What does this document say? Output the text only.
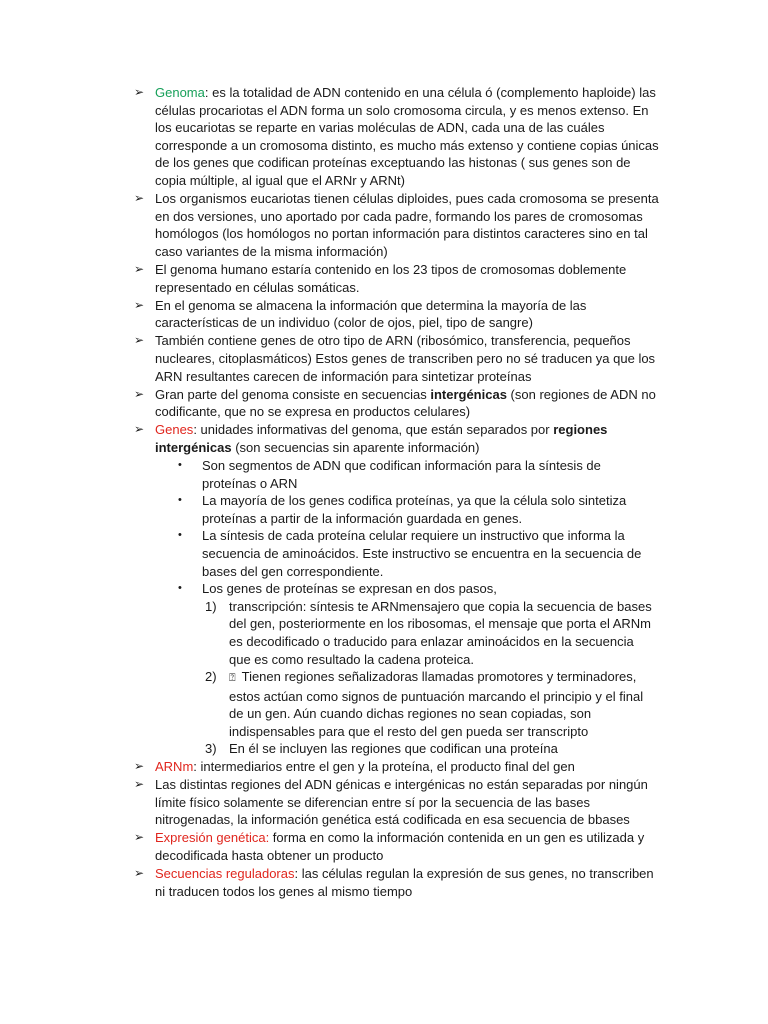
➢ Genoma: es la totalidad de ADN contenido en una célula ó (complemento haploide) las células procariotas el ADN forma un solo cromosoma circula, y es menos extenso. En los eucariotas se reparte en varias moléculas de ADN, cada una de las cuáles corresponde a un cromosoma distinto, es mucho más extenso y contiene copias únicas de los genes que codifican proteínas exceptuando las histonas ( sus genes son de copia múltiple, al igual que el ARNr y ARNt)
➢ Los organismos eucariotas tienen células diploides, pues cada cromosoma se presenta en dos versiones, uno aportado por cada padre, formando los pares de cromosomas homólogos (los homólogos no portan información para distintos caracteres sino en tal caso variantes de la misma información)
➢ El genoma humano estaría contenido en los 23 tipos de cromosomas doblemente representado en células somáticas.
➢ En el genoma se almacena la información que determina la mayoría de las características de un individuo (color de ojos, piel, tipo de sangre)
➢ También contiene genes de otro tipo de ARN (ribosómico, transferencia, pequeños nucleares, citoplasmáticos) Estos genes de transcriben pero no sé traducen ya que los ARN resultantes carecen de información para sintetizar proteínas
➢ Gran parte del genoma consiste en secuencias intergénicas (son regiones de ADN no codificante, que no se expresa en productos celulares)
➢ Genes: unidades informativas del genoma, que están separados por regiones intergénicas (son secuencias sin aparente información)
• Son segmentos de ADN que codifican información para la síntesis de proteínas o ARN
• La mayoría de los genes codifica proteínas, ya que la célula solo sintetiza proteínas a partir de la información guardada en genes.
• La síntesis de cada proteína celular requiere un instructivo que informa la secuencia de aminoácidos. Este instructivo se encuentra en la secuencia de bases del gen correspondiente.
• Los genes de proteínas se expresan en dos pasos,
1) transcripción: síntesis te ARNmensajero que copia la secuencia de bases del gen, posteriormente en los ribosomas, el mensaje que porta el ARNm es decodificado o traducido para enlazar aminoácidos en la secuencia que es como resultado la cadena proteica.
2) ⍰ Tienen regiones señalizadoras llamadas promotores y terminadores, estos actúan como signos de puntuación marcando el principio y el final de un gen. Aún cuando dichas regiones no sean copiadas, son indispensables para que el resto del gen pueda ser transcripto
3) En él se incluyen las regiones que codifican una proteína
➢ ARNm: intermediarios entre el gen y la proteína, el producto final del gen
➢ Las distintas regiones del ADN génicas e intergénicas no están separadas por ningún límite físico solamente se diferencian entre sí por la secuencia de las bases nitrogenadas, la información genética está codificada en esa secuencia de bbases
➢ Expresión genética: forma en como la información contenida en un gen es utilizada y decodificada hasta obtener un producto
➢ Secuencias reguladoras: las células regulan la expresión de sus genes, no transcriben ni traducen todos los genes al mismo tiempo
